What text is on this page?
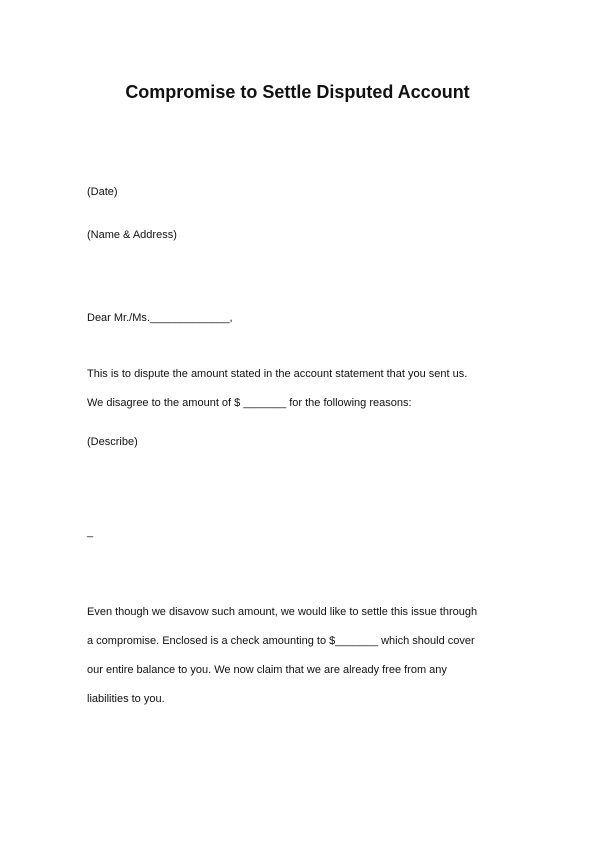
Compromise to Settle Disputed Account
(Date)
(Name & Address)
Dear Mr./Ms._____________,
This is to dispute the amount stated in the account statement that you sent us.
We disagree to the amount of $ _______ for the following reasons:
(Describe)
_
Even though we disavow such amount, we would like to settle this issue through
a compromise. Enclosed is a check amounting to $_______ which should cover
our entire balance to you. We now claim that we are already free from any
liabilities to you.
